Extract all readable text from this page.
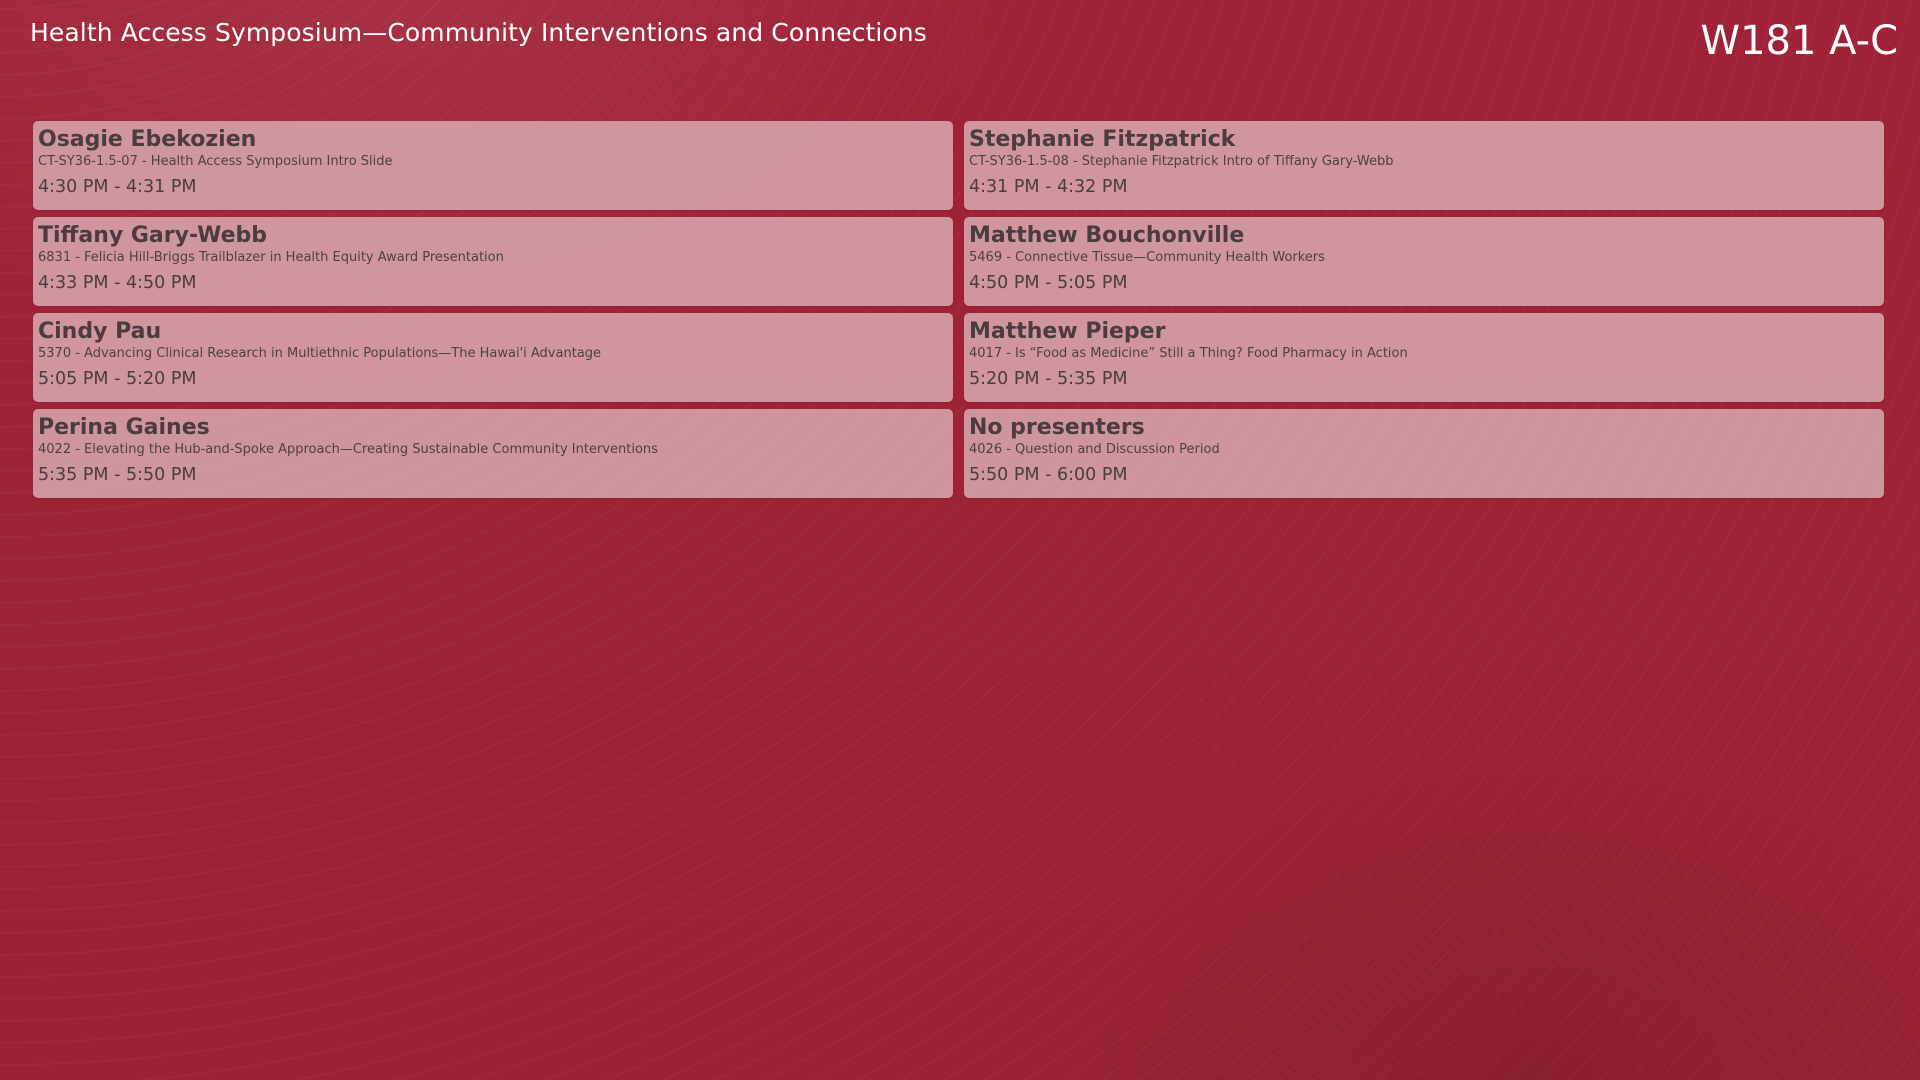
Health Access Symposium—Community Interventions and Connections	W181 A-C
Osagie Ebekozien
CT-SY36-1.5-07 - Health Access Symposium Intro Slide
4:30 PM - 4:31 PM
Stephanie Fitzpatrick
CT-SY36-1.5-08 - Stephanie Fitzpatrick Intro of Tiffany Gary-Webb
4:31 PM - 4:32 PM
Tiffany Gary-Webb
6831 - Felicia Hill-Briggs Trailblazer in Health Equity Award Presentation
4:33 PM - 4:50 PM
Matthew Bouchonville
5469 - Connective Tissue—Community Health Workers
4:50 PM - 5:05 PM
Cindy Pau
5370 - Advancing Clinical Research in Multiethnic Populations—The Hawai'i Advantage
5:05 PM - 5:20 PM
Matthew Pieper
4017 - Is “Food as Medicine” Still a Thing? Food Pharmacy in Action
5:20 PM - 5:35 PM
Perina Gaines
4022 - Elevating the Hub-and-Spoke Approach—Creating Sustainable Community Interventions
5:35 PM - 5:50 PM
No presenters
4026 - Question and Discussion Period
5:50 PM - 6:00 PM
